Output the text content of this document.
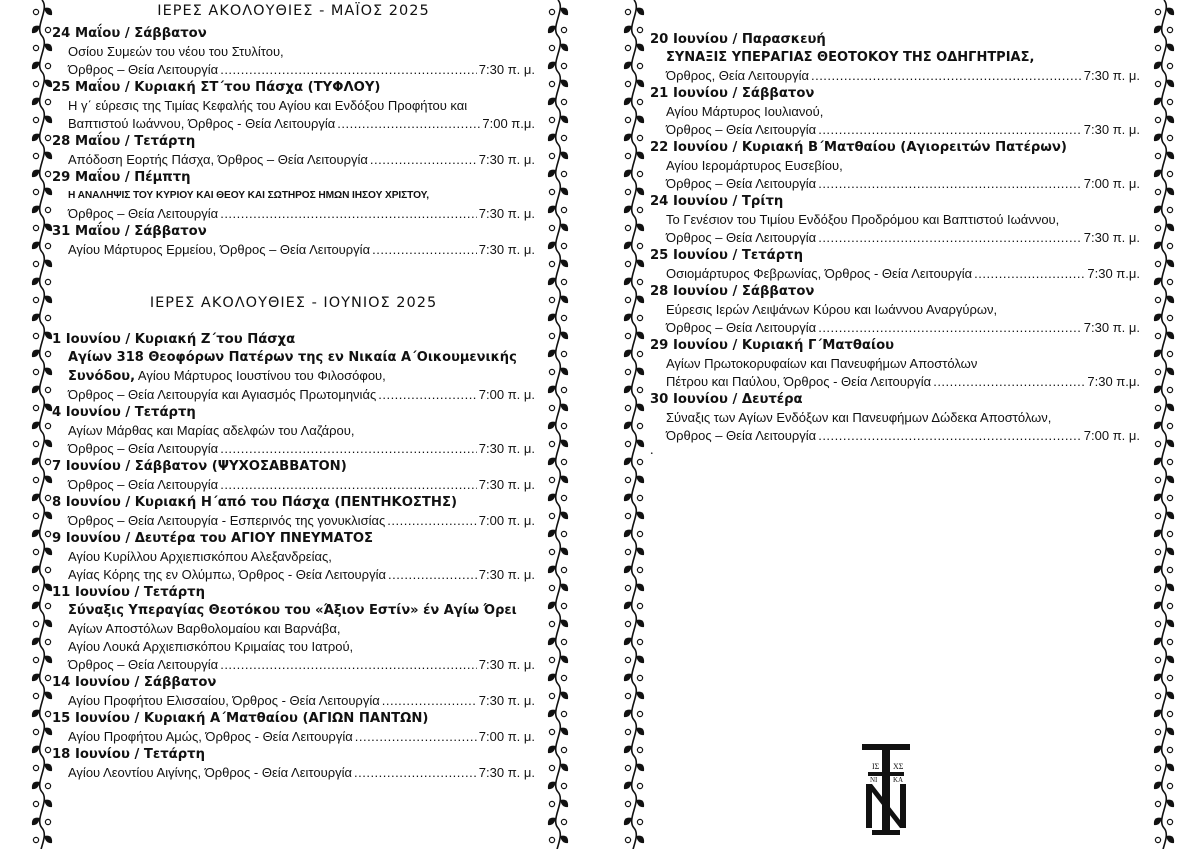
ΙΕΡΕΣ ΑΚΟΛΟΥΘΙΕΣ - ΜΑΪΟΣ 2025
24 Μαΐου / Σάββατον
Οσίου Συμεών του νέου του Στυλίτου,
Όρθρος – Θεία Λειτουργία .....	7:30 π. μ.
25 Μαΐου / Κυριακή ΣΤ΄του Πάσχα (ΤΥΦΛΟΥ)
Η γ΄ εύρεσις της Τιμίας Κεφαλής του Αγίου και Ενδόξου Προφήτου και
Βαπτιστού Ιωάννου, Όρθρος - Θεία Λειτουργία .....	7:00 π.μ.
28 Μαΐου / Τετάρτη
Απόδοση Εορτής Πάσχα, Όρθρος – Θεία Λειτουργία .....	7:30 π. μ.
29 Μαΐου / Πέμπτη
Η ΑΝΑΛΗΨΙΣ ΤΟΥ ΚΥΡΙΟΥ ΚΑΙ ΘΕΟΥ ΚΑΙ ΣΩΤΗΡΟΣ ΗΜΩΝ ΙΗΣΟΥ ΧΡΙΣΤΟΥ,
Όρθρος – Θεία Λειτουργία .....	7:30 π. μ.
31 Μαΐου / Σάββατον
Αγίου Μάρτυρος Ερμείου, Όρθρος – Θεία Λειτουργία .....	7:30 π. μ.
ΙΕΡΕΣ ΑΚΟΛΟΥΘΙΕΣ - ΙΟΥΝΙΟΣ 2025
1 Ιουνίου / Κυριακή Ζ΄του Πάσχα
Αγίων 318 Θεοφόρων Πατέρων της εν Νικαία Α΄Οικουμενικής
Συνόδου, Αγίου Μάρτυρος Ιουστίνου του Φιλοσόφου,
Όρθρος – Θεία Λειτουργία και Αγιασμός Πρωτομηνιάς .....	7:00 π. μ.
4 Ιουνίου / Τετάρτη
Αγίων Μάρθας και Μαρίας αδελφών του Λαζάρου,
Όρθρος – Θεία Λειτουργία .....	7:30 π. μ.
7 Ιουνίου / Σάββατον (ΨΥΧΟΣΑΒΒΑΤΟΝ)
Όρθρος – Θεία Λειτουργία .....	7:30 π. μ.
8 Ιουνίου / Κυριακή Η΄από του Πάσχα (ΠΕΝΤΗΚΟΣΤΗΣ)
Όρθρος – Θεία Λειτουργία - Εσπερινός της γονυκλισίας .....	7:00 π. μ.
9 Ιουνίου / Δευτέρα του ΑΓΙΟΥ ΠΝΕΥΜΑΤΟΣ
Αγίου Κυρίλλου Αρχιεπισκόπου Αλεξανδρείας,
Αγίας Κόρης της εν Ολύμπω, Όρθρος - Θεία Λειτουργία .....	7:30 π. μ.
11 Ιουνίου / Τετάρτη
Σύναξις Υπεραγίας Θεοτόκου του «Άξιον Εστίν» έν Αγίω Όρει
Αγίων Αποστόλων Βαρθολομαίου και Βαρνάβα,
Αγίου Λουκά Αρχιεπισκόπου Κριμαίας του Ιατρού,
Όρθρος – Θεία Λειτουργία .....	7:30 π. μ.
14 Ιουνίου / Σάββατον
Αγίου Προφήτου Ελισσαίου, Όρθρος - Θεία Λειτουργία .....	7:30 π. μ.
15 Ιουνίου / Κυριακή Α΄Ματθαίου (ΑΓΙΩΝ ΠΑΝΤΩΝ)
Αγίου Προφήτου Αμώς, Όρθρος - Θεία Λειτουργία .....	7:00 π. μ.
18 Ιουνίου / Τετάρτη
Αγίου Λεοντίου Αιγίνης, Όρθρος - Θεία Λειτουργία .....	7:30 π. μ.
20 Ιουνίου / Παρασκευή
ΣΥΝΑΞΙΣ ΥΠΕΡΑΓΙΑΣ ΘΕΟΤΟΚΟΥ ΤΗΣ ΟΔΗΓΗΤΡΙΑΣ,
Όρθρος, Θεία Λειτουργία .....	7:30 π. μ.
21 Ιουνίου / Σάββατον
Αγίου Μάρτυρος Ιουλιανού,
Όρθρος – Θεία Λειτουργία .....	7:30 π. μ.
22 Ιουνίου / Κυριακή Β΄Ματθαίου (Αγιορειτών Πατέρων)
Αγίου Ιερομάρτυρος Ευσεβίου,
Όρθρος – Θεία Λειτουργία .....	7:00 π. μ.
24 Ιουνίου / Τρίτη
Το Γενέσιον του Τιμίου Ενδόξου Προδρόμου και Βαπτιστού Ιωάννου,
Όρθρος – Θεία Λειτουργία .....	7:30 π. μ.
25 Ιουνίου / Τετάρτη
Οσιομάρτυρος Φεβρωνίας, Όρθρος - Θεία Λειτουργία .....	7:30 π.μ.
28 Ιουνίου / Σάββατον
Εύρεσις Ιερών Λειψάνων Κύρου και Ιωάννου Αναργύρων,
Όρθρος – Θεία Λειτουργία .....	7:30 π. μ.
29 Ιουνίου / Κυριακή Γ΄Ματθαίου
Αγίων Πρωτοκορυφαίων και Πανευφήμων Αποστόλων
Πέτρου και Παύλου, Όρθρος - Θεία Λειτουργία .....	7:30 π.μ.
30 Ιουνίου / Δευτέρα
Σύναξις των Αγίων Ενδόξων και Πανευφήμων Δώδεκα Αποστόλων,
Όρθρος – Θεία Λειτουργία .....	7:00 π. μ.
.
ΙΣ ΧΣ
ΝΙ ΚΑ
